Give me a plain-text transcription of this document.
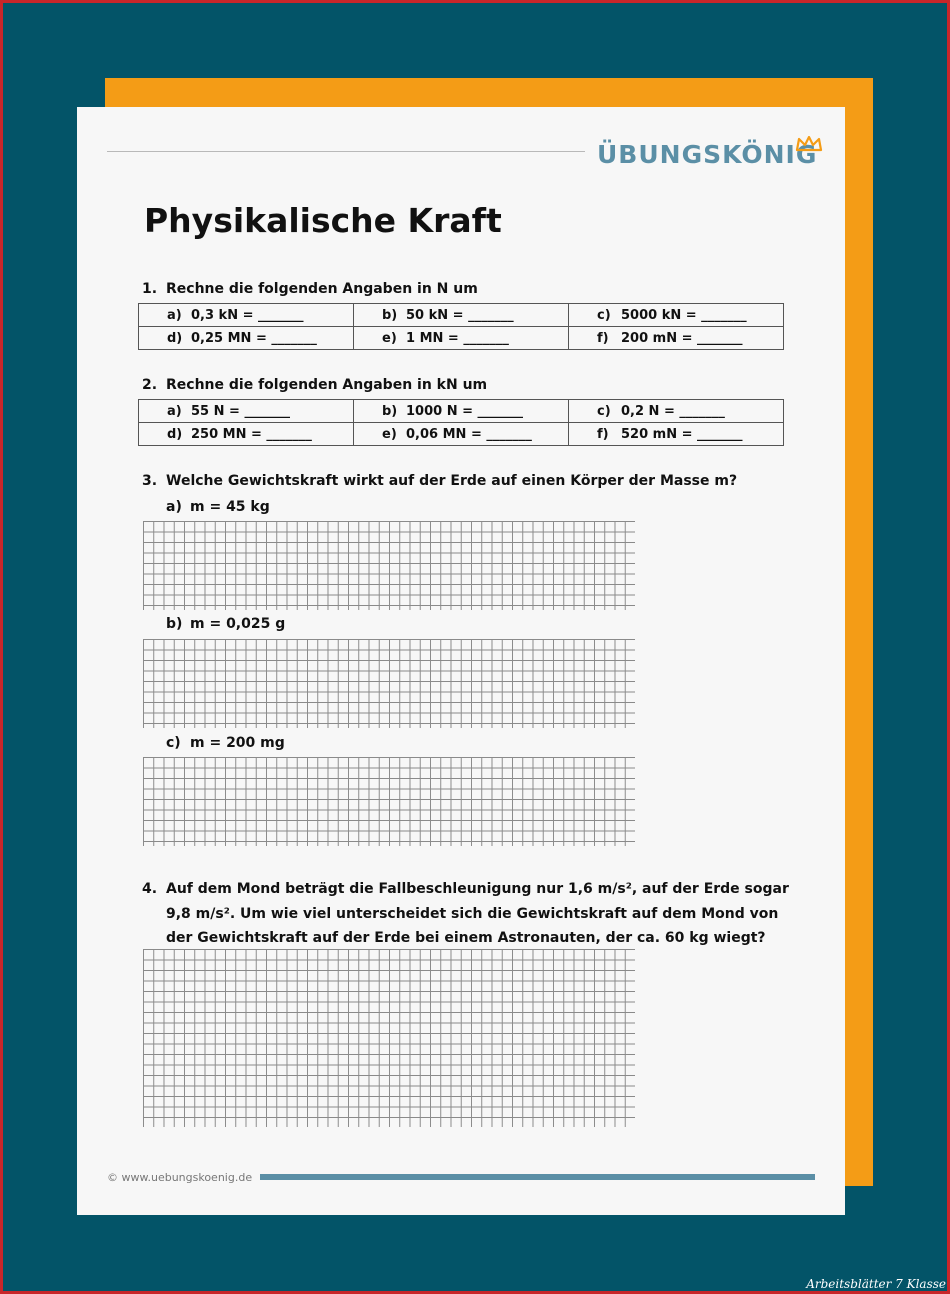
ÜBUNGSKÖNIG
Physikalische Kraft
1. Rechne die folgenden Angaben in N um
a) 0,3 kN = _______	b) 50 kN = _______	c) 5000 kN = _______
d) 0,25 MN = _______	e) 1 MN = _______	f) 200 mN = _______
2. Rechne die folgenden Angaben in kN um
a) 55 N = _______	b) 1000 N = _______	c) 0,2 N = _______
d) 250 MN = _______	e) 0,06 MN = _______	f) 520 mN = _______
3. Welche Gewichtskraft wirkt auf der Erde auf einen Körper der Masse m?
a) m = 45 kg
b) m = 0,025 g
c) m = 200 mg
4. Auf dem Mond beträgt die Fallbeschleunigung nur 1,6 m/s², auf der Erde sogar 9,8 m/s². Um wie viel unterscheidet sich die Gewichtskraft auf dem Mond von der Gewichtskraft auf der Erde bei einem Astronauten, der ca. 60 kg wiegt?
© www.uebungskoenig.de
Arbeitsblätter 7 Klasse
